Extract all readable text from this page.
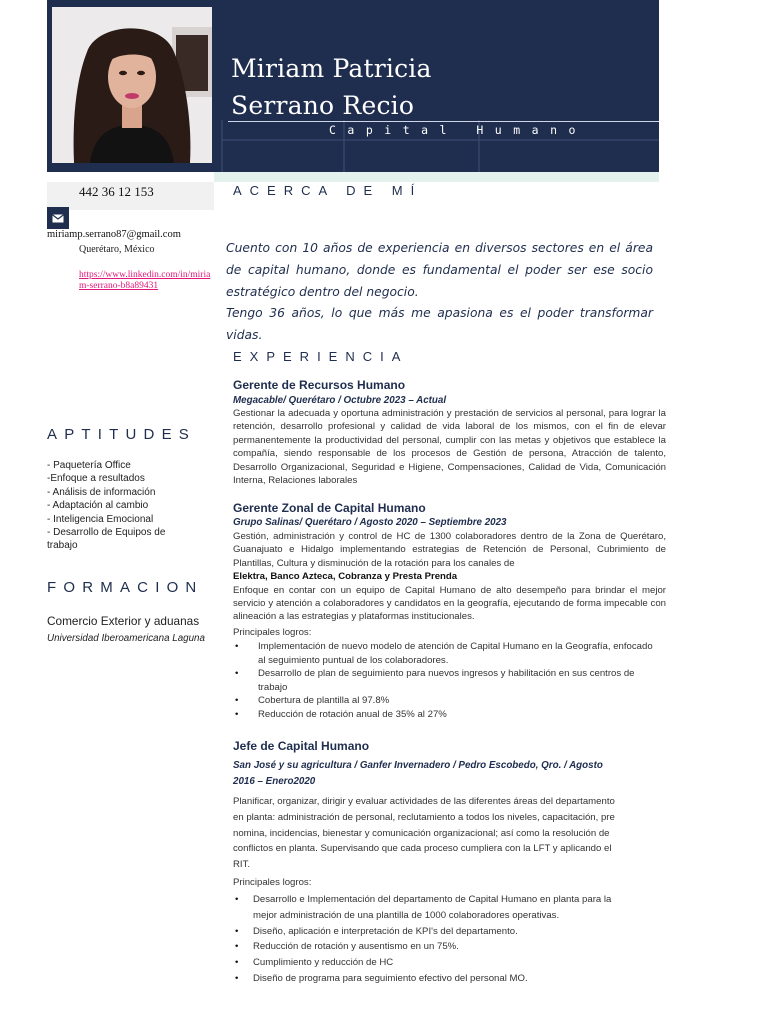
Miriam Patricia
Serrano Recio
Capital Humano
442 36 12 153
miriamp.serrano87@gmail.com
Querétaro, México
https://www.linkedin.com/in/miriam-serrano-b8a89431
APTITUDES
- Paquetería Office
-Enfoque a resultados
- Análisis de información
- Adaptación al cambio
- Inteligencia Emocional
- Desarrollo de Equipos de trabajo
FORMACION
Comercio Exterior y aduanas
Universidad Iberoamericana Laguna
ACERCA DE MÍ
Cuento con 10 años de experiencia en diversos sectores en el área de capital humano, donde es fundamental el poder ser ese socio estratégico dentro del negocio.
Tengo 36 años, lo que más me apasiona es el poder transformar vidas.
EXPERIENCIA
Gerente de Recursos Humano
Megacable/ Querétaro / Octubre 2023 – Actual
Gestionar la adecuada y oportuna administración y prestación de servicios al personal, para lograr la retención, desarrollo profesional y calidad de vida laboral de los mismos, con el fin de elevar permanentemente la productividad del personal, cumplir con las metas y objetivos que establece la compañía, siendo responsable de los procesos de Gestión de persona, Atracción de talento, Desarrollo Organizacional, Seguridad e Higiene, Compensaciones, Calidad de Vida, Comunicación Interna, Relaciones laborales
Gerente Zonal de Capital Humano
Grupo Salinas/ Querétaro / Agosto 2020 – Septiembre 2023
Gestión, administración y control de HC de 1300 colaboradores dentro de la Zona de Querétaro, Guanajuato e Hidalgo implementando estrategias de Retención de Personal, Cubrimiento de Plantillas, Cultura y disminución de la rotación para los canales de
Elektra, Banco Azteca, Cobranza y Presta Prenda
Enfoque en contar con un equipo de Capital Humano de alto desempeño para brindar el mejor servicio y atención a colaboradores y candidatos en la geografía, ejecutando de forma impecable con alineación a las estrategias y plataformas institucionales.
Principales logros:
• Implementación de nuevo modelo de atención de Capital Humano en la Geografía, enfocado al seguimiento puntual de los colaboradores.
• Desarrollo de plan de seguimiento para nuevos ingresos y habilitación en sus centros de trabajo
• Cobertura de plantilla al 97.8%
• Reducción de rotación anual de 35% al 27%
Jefe de Capital Humano
San José y su agricultura / Ganfer Invernadero / Pedro Escobedo, Qro. / Agosto 2016 – Enero2020
Planificar, organizar, dirigir y evaluar actividades de las diferentes áreas del departamento en planta: administración de personal, reclutamiento a todos los niveles, capacitación, pre nomina, incidencias, bienestar y comunicación organizacional; así como la resolución de conflictos en planta. Supervisando que cada proceso cumpliera con la LFT y aplicando el RIT.
Principales logros:
• Desarrollo e Implementación del departamento de Capital Humano en planta para la mejor administración de una plantilla de 1000 colaboradores operativas.
• Diseño, aplicación e interpretación de KPI's del departamento.
• Reducción de rotación y ausentismo en un 75%.
• Cumplimiento y reducción de HC
• Diseño de programa para seguimiento efectivo del personal MO.
